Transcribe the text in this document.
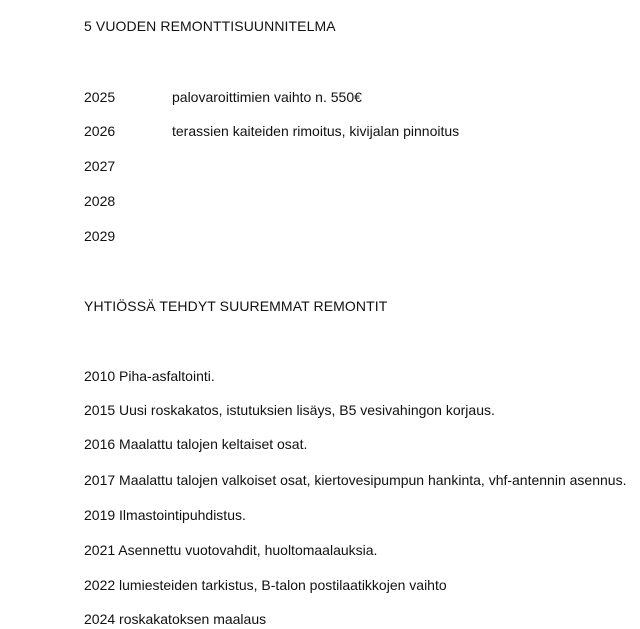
5 VUODEN REMONTTISUUNNITELMA
2025	palovaroittimien vaihto n. 550€
2026	terassien kaiteiden rimoitus, kivijalan pinnoitus
2027
2028
2029
YHTIÖSSÄ TEHDYT SUUREMMAT REMONTIT
2010 Piha-asfaltointi.
2015 Uusi roskakatos, istutuksien lisäys, B5 vesivahingon korjaus.
2016 Maalattu talojen keltaiset osat.
2017 Maalattu talojen valkoiset osat, kiertovesipumpun hankinta, vhf-antennin asennus.
2019 Ilmastointipuhdistus.
2021 Asennettu vuotovahdit, huoltomaalauksia.
2022 lumiesteiden tarkistus, B-talon postilaatikkojen vaihto
2024 roskakatoksen maalaus
